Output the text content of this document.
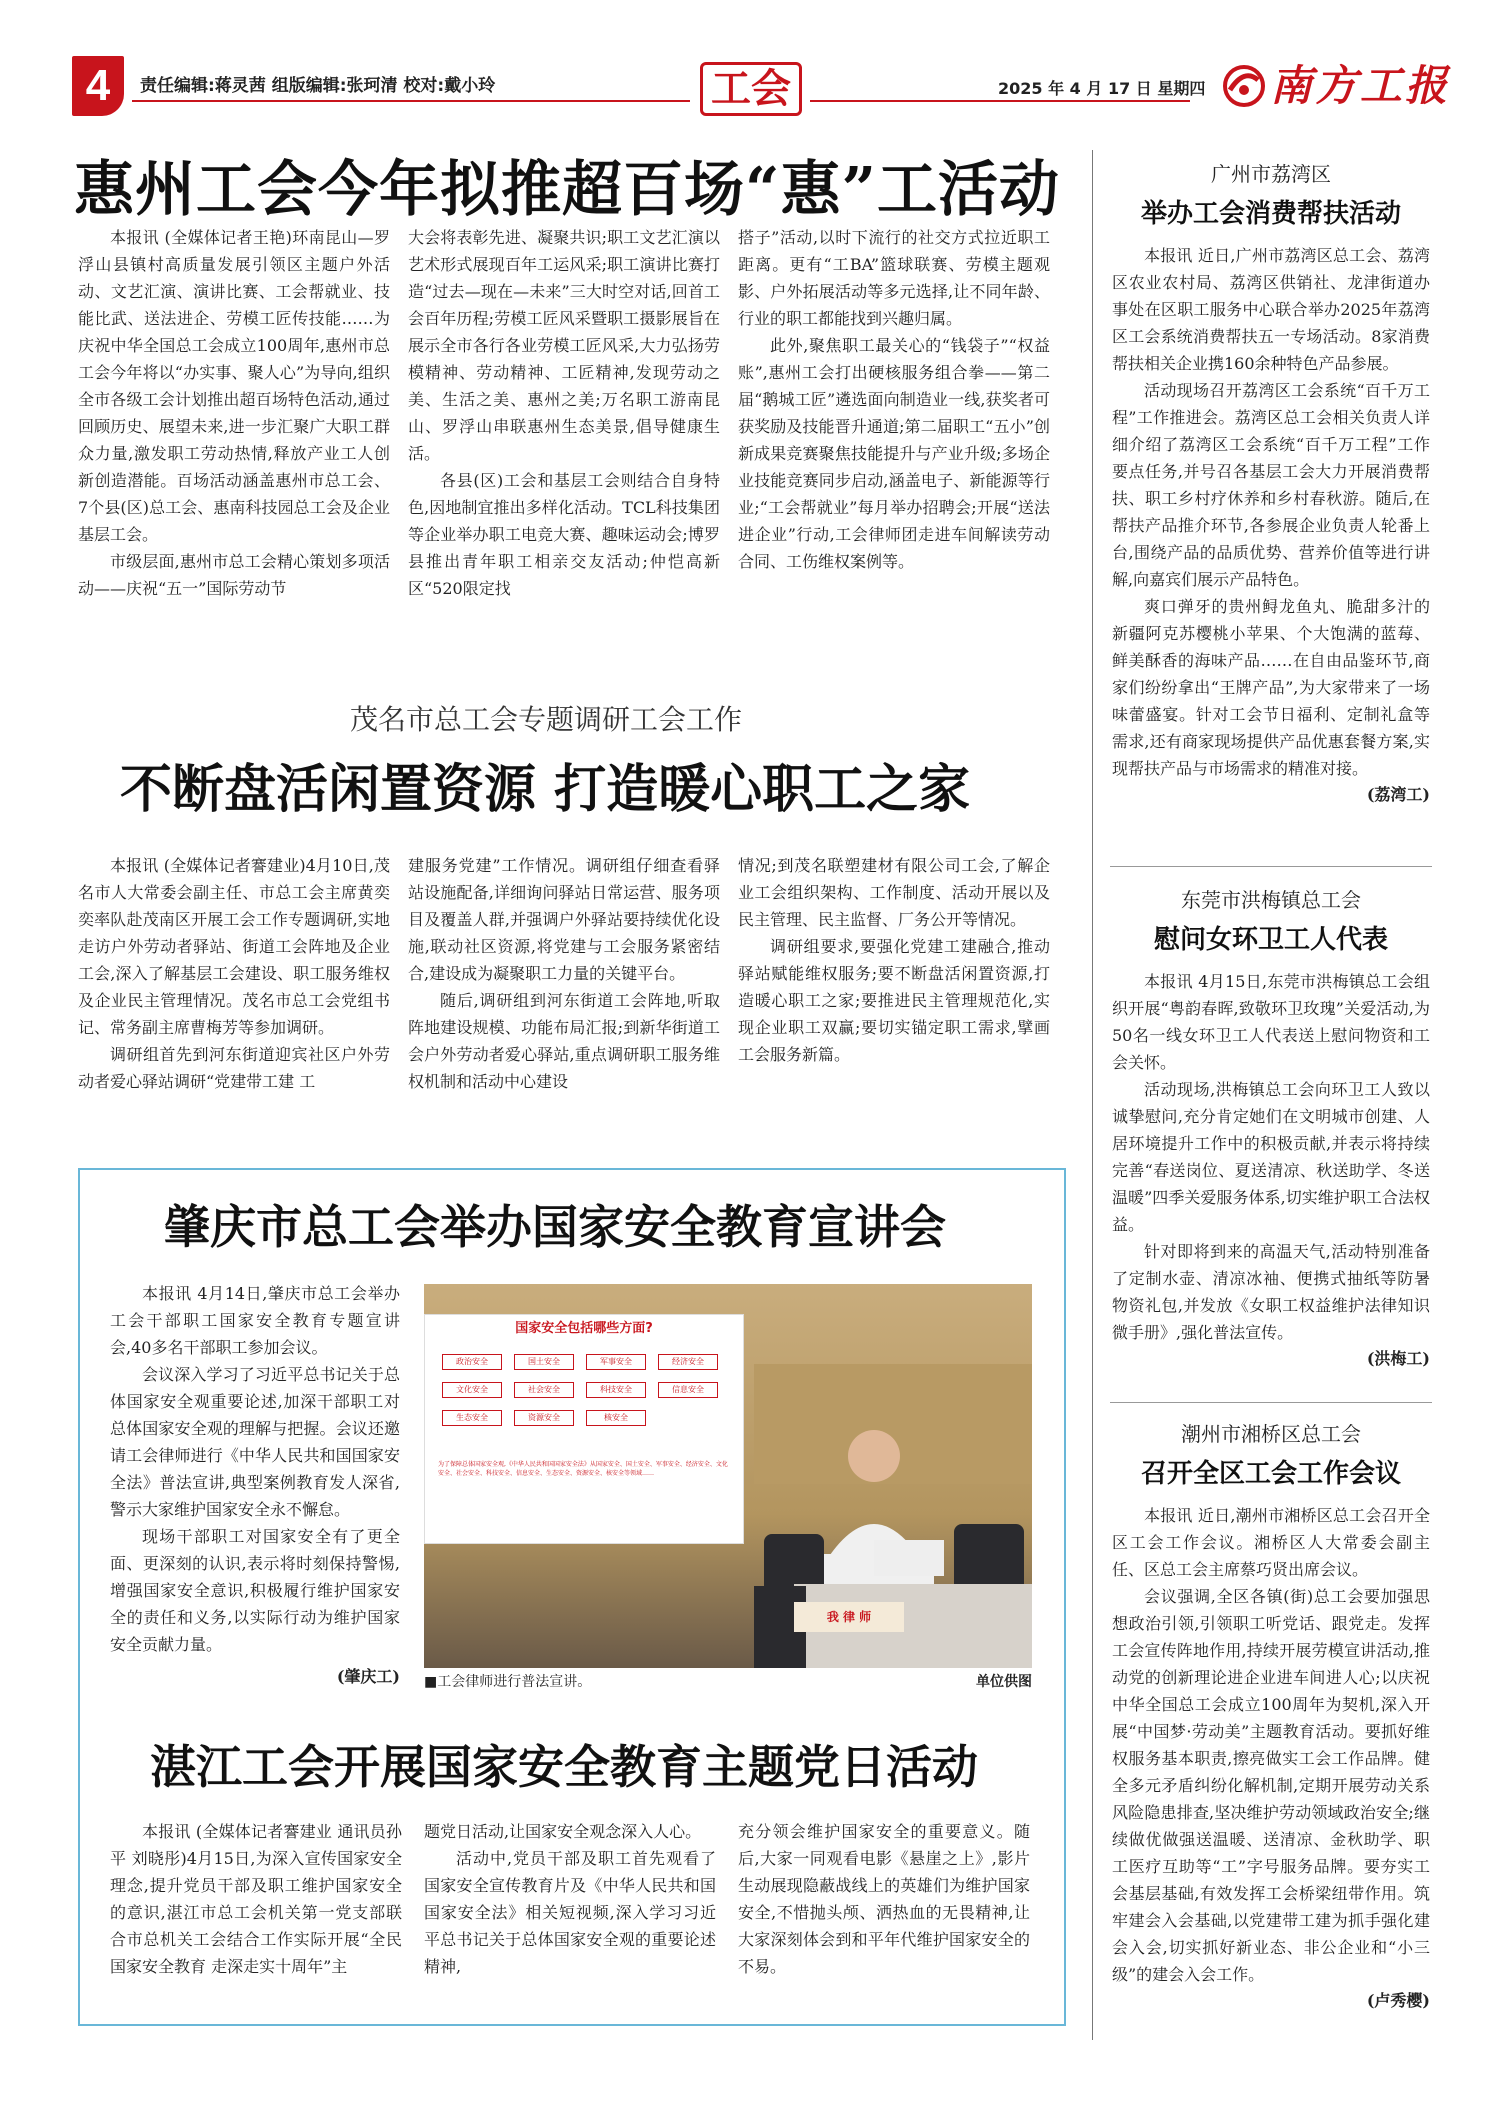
4	责任编辑:蒋灵茜 组版编辑:张珂清 校对:戴小玲	工会	2025 年 4 月 17 日 星期四 南方工报
惠州工会今年拟推超百场“惠”工活动

本报讯 (全媒体记者王艳)环南昆山—罗浮山县镇村高质量发展引领区主题户外活动、文艺汇演、演讲比赛、工会帮就业、技能比武、送法进企、劳模工匠传技能……为庆祝中华全国总工会成立100周年,惠州市总工会今年将以“办实事、聚人心”为导向,组织全市各级工会计划推出超百场特色活动,通过回顾历史、展望未来,进一步汇聚广大职工群众力量,激发职工劳动热情,释放产业工人创新创造潜能。百场活动涵盖惠州市总工会、7个县(区)总工会、惠南科技园总工会及企业基层工会。

市级层面,惠州市总工会精心策划多项活动——庆祝“五一”国际劳动节

大会将表彰先进、凝聚共识;职工文艺汇演以艺术形式展现百年工运风采;职工演讲比赛打造“过去—现在—未来”三大时空对话,回首工会百年历程;劳模工匠风采暨职工摄影展旨在展示全市各行各业劳模工匠风采,大力弘扬劳模精神、劳动精神、工匠精神,发现劳动之美、生活之美、惠州之美;万名职工游南昆山、罗浮山串联惠州生态美景,倡导健康生活。

各县(区)工会和基层工会则结合自身特色,因地制宜推出多样化活动。TCL科技集团等企业举办职工电竞大赛、趣味运动会;博罗县推出青年职工相亲交友活动;仲恺高新区“520限定找

搭子”活动,以时下流行的社交方式拉近职工距离。更有“工BA”篮球联赛、劳模主题观影、户外拓展活动等多元选择,让不同年龄、行业的职工都能找到兴趣归属。

此外,聚焦职工最关心的“钱袋子”“权益账”,惠州工会打出硬核服务组合拳——第二届“鹅城工匠”遴选面向制造业一线,获奖者可获奖励及技能晋升通道;第二届职工“五小”创新成果竞赛聚焦技能提升与产业升级;多场企业技能竞赛同步启动,涵盖电子、新能源等行业;“工会帮就业”每月举办招聘会;开展“送法进企业”行动,工会律师团走进车间解读劳动合同、工伤维权案例等。

茂名市总工会专题调研工会工作
不断盘活闲置资源 打造暖心职工之家

本报讯 (全媒体记者謇建业)4月10日,茂名市人大常委会副主任、市总工会主席黄奕奕率队赴茂南区开展工会工作专题调研,实地走访户外劳动者驿站、街道工会阵地及企业工会,深入了解基层工会建设、职工服务维权及企业民主管理情况。茂名市总工会党组书记、常务副主席曹梅芳等参加调研。

调研组首先到河东街道迎宾社区户外劳动者爱心驿站调研“党建带工建 工

建服务党建”工作情况。调研组仔细查看驿站设施配备,详细询问驿站日常运营、服务项目及覆盖人群,并强调户外驿站要持续优化设施,联动社区资源,将党建与工会服务紧密结合,建设成为凝聚职工力量的关键平台。

随后,调研组到河东街道工会阵地,听取阵地建设规模、功能布局汇报;到新华街道工会户外劳动者爱心驿站,重点调研职工服务维权机制和活动中心建设

情况;到茂名联塑建材有限公司工会,了解企业工会组织架构、工作制度、活动开展以及民主管理、民主监督、厂务公开等情况。

调研组要求,要强化党建工建融合,推动驿站赋能维权服务;要不断盘活闲置资源,打造暖心职工之家;要推进民主管理规范化,实现企业职工双赢;要切实锚定职工需求,擘画工会服务新篇。

肇庆市总工会举办国家安全教育宣讲会

本报讯 4月14日,肇庆市总工会举办工会干部职工国家安全教育专题宣讲会,40多名干部职工参加会议。

会议深入学习了习近平总书记关于总体国家安全观重要论述,加深干部职工对总体国家安全观的理解与把握。会议还邀请工会律师进行《中华人民共和国国家安全法》普法宣讲,典型案例教育发人深省,警示大家维护国家安全永不懈怠。

现场干部职工对国家安全有了更全面、更深刻的认识,表示将时刻保持警惕,增强国家安全意识,积极履行维护国家安全的责任和义务,以实际行动为维护国家安全贡献力量。

(肇庆工)
国家安全包括哪些方面?
政治安全	国土安全	军事安全	经济安全
文化安全	社会安全	科技安全	信息安全
生态安全	资源安全	核安全
为了保障总体国家安全观,《中华人民共和国国家安全法》从国家安全、国土安全、军事安全、经济安全、文化安全、社会安全、科技安全、信息安全、生态安全、资源安全、核安全等领域……
我 律 师
■工会律师进行普法宣讲。	单位供图
湛江工会开展国家安全教育主题党日活动

本报讯 (全媒体记者謇建业 通讯员孙平 刘晓彤)4月15日,为深入宣传国家安全理念,提升党员干部及职工维护国家安全的意识,湛江市总工会机关第一党支部联合市总机关工会结合工作实际开展“全民国家安全教育 走深走实十周年”主

题党日活动,让国家安全观念深入人心。

活动中,党员干部及职工首先观看了国家安全宣传教育片及《中华人民共和国国家安全法》相关短视频,深入学习习近平总书记关于总体国家安全观的重要论述精神,

充分领会维护国家安全的重要意义。随后,大家一同观看电影《悬崖之上》,影片生动展现隐蔽战线上的英雄们为维护国家安全,不惜抛头颅、洒热血的无畏精神,让大家深刻体会到和平年代维护国家安全的不易。

广州市荔湾区
举办工会消费帮扶活动

本报讯 近日,广州市荔湾区总工会、荔湾区农业农村局、荔湾区供销社、龙津街道办事处在区职工服务中心联合举办2025年荔湾区工会系统消费帮扶五一专场活动。8家消费帮扶相关企业携160余种特色产品参展。

活动现场召开荔湾区工会系统“百千万工程”工作推进会。荔湾区总工会相关负责人详细介绍了荔湾区工会系统“百千万工程”工作要点任务,并号召各基层工会大力开展消费帮扶、职工乡村疗休养和乡村春秋游。随后,在帮扶产品推介环节,各参展企业负责人轮番上台,围绕产品的品质优势、营养价值等进行讲解,向嘉宾们展示产品特色。

爽口弹牙的贵州鲟龙鱼丸、脆甜多汁的新疆阿克苏樱桃小苹果、个大饱满的蓝莓、鲜美酥香的海味产品……在自由品鉴环节,商家们纷纷拿出“王牌产品”,为大家带来了一场味蕾盛宴。针对工会节日福利、定制礼盒等需求,还有商家现场提供产品优惠套餐方案,实现帮扶产品与市场需求的精准对接。

(荔湾工)
东莞市洪梅镇总工会
慰问女环卫工人代表

本报讯 4月15日,东莞市洪梅镇总工会组织开展“粤韵春晖,致敬环卫玫瑰”关爱活动,为50名一线女环卫工人代表送上慰问物资和工会关怀。

活动现场,洪梅镇总工会向环卫工人致以诚挚慰问,充分肯定她们在文明城市创建、人居环境提升工作中的积极贡献,并表示将持续完善“春送岗位、夏送清凉、秋送助学、冬送温暖”四季关爱服务体系,切实维护职工合法权益。

针对即将到来的高温天气,活动特别准备了定制水壶、清凉冰袖、便携式抽纸等防暑物资礼包,并发放《女职工权益维护法律知识微手册》,强化普法宣传。

(洪梅工)
潮州市湘桥区总工会
召开全区工会工作会议

本报讯 近日,潮州市湘桥区总工会召开全区工会工作会议。湘桥区人大常委会副主任、区总工会主席蔡巧贤出席会议。

会议强调,全区各镇(街)总工会要加强思想政治引领,引领职工听党话、跟党走。发挥工会宣传阵地作用,持续开展劳模宣讲活动,推动党的创新理论进企业进车间进人心;以庆祝中华全国总工会成立100周年为契机,深入开展“中国梦·劳动美”主题教育活动。要抓好维权服务基本职责,擦亮做实工会工作品牌。健全多元矛盾纠纷化解机制,定期开展劳动关系风险隐患排查,坚决维护劳动领域政治安全;继续做优做强送温暖、送清凉、金秋助学、职工医疗互助等“工”字号服务品牌。要夯实工会基层基础,有效发挥工会桥梁纽带作用。筑牢建会入会基础,以党建带工建为抓手强化建会入会,切实抓好新业态、非公企业和“小三级”的建会入会工作。

(卢秀樱)
